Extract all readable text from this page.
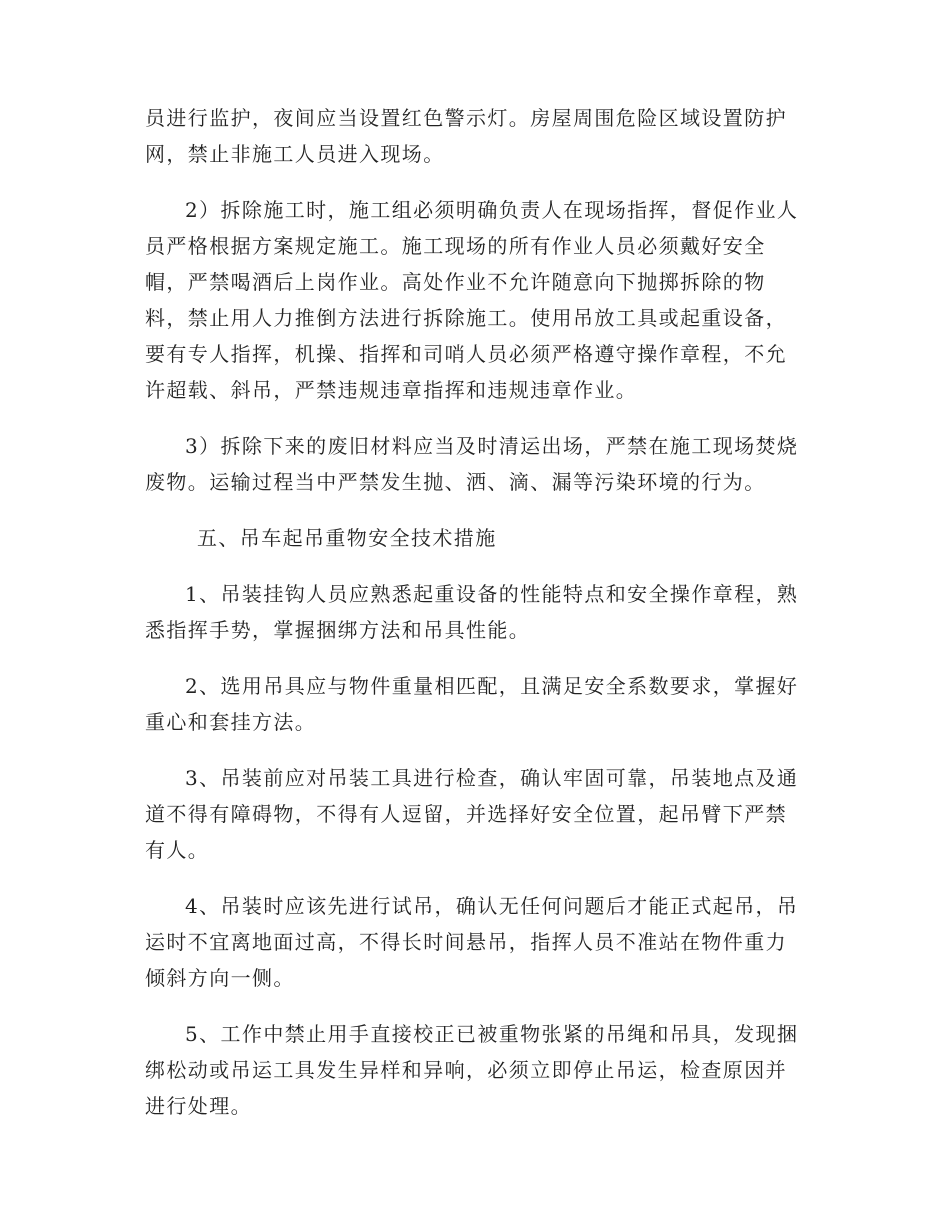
员进行监护，夜间应当设置红色警示灯。房屋周围危险区域设置防护
网，禁止非施工人员进入现场。

2）拆除施工时，施工组必须明确负责人在现场指挥，督促作业人
员严格根据方案规定施工。施工现场的所有作业人员必须戴好安全
帽，严禁喝酒后上岗作业。高处作业不允许随意向下抛掷拆除的物
料，禁止用人力推倒方法进行拆除施工。使用吊放工具或起重设备，
要有专人指挥，机操、指挥和司哨人员必须严格遵守操作章程，不允
许超载、斜吊，严禁违规违章指挥和违规违章作业。

3）拆除下来的废旧材料应当及时清运出场，严禁在施工现场焚烧
废物。运输过程当中严禁发生抛、洒、滴、漏等污染环境的行为。

五、吊车起吊重物安全技术措施

1、吊装挂钩人员应熟悉起重设备的性能特点和安全操作章程，熟
悉指挥手势，掌握捆绑方法和吊具性能。

2、选用吊具应与物件重量相匹配，且满足安全系数要求，掌握好
重心和套挂方法。

3、吊装前应对吊装工具进行检查，确认牢固可靠，吊装地点及通
道不得有障碍物，不得有人逗留，并选择好安全位置，起吊臂下严禁
有人。

4、吊装时应该先进行试吊，确认无任何问题后才能正式起吊，吊
运时不宜离地面过高，不得长时间悬吊，指挥人员不准站在物件重力
倾斜方向一侧。

5、工作中禁止用手直接校正已被重物张紧的吊绳和吊具，发现捆
绑松动或吊运工具发生异样和异响，必须立即停止吊运，检查原因并
进行处理。
